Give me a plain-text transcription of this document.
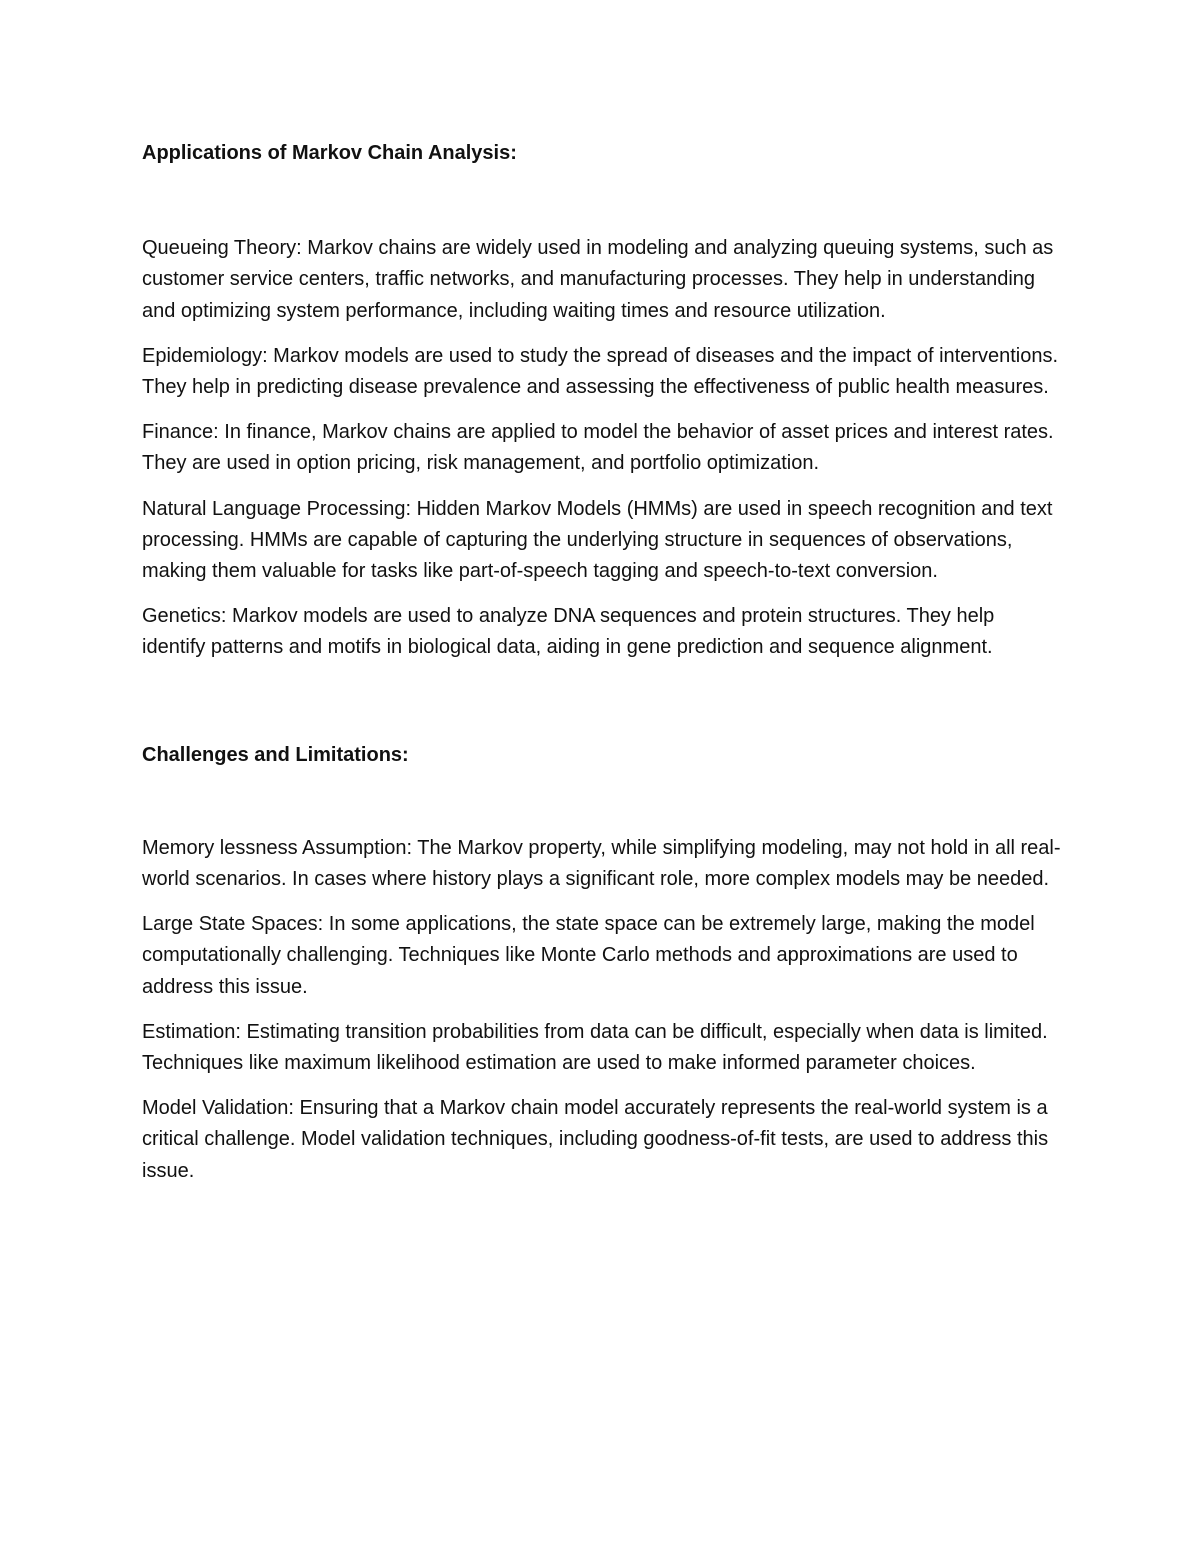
Applications of Markov Chain Analysis:

Queueing Theory: Markov chains are widely used in modeling and analyzing queuing systems, such as customer service centers, traffic networks, and manufacturing processes. They help in understanding and optimizing system performance, including waiting times and resource utilization.

Epidemiology: Markov models are used to study the spread of diseases and the impact of interventions. They help in predicting disease prevalence and assessing the effectiveness of public health measures.

Finance: In finance, Markov chains are applied to model the behavior of asset prices and interest rates. They are used in option pricing, risk management, and portfolio optimization.

Natural Language Processing: Hidden Markov Models (HMMs) are used in speech recognition and text processing. HMMs are capable of capturing the underlying structure in sequences of observations, making them valuable for tasks like part-of-speech tagging and speech-to-text conversion.

Genetics: Markov models are used to analyze DNA sequences and protein structures. They help identify patterns and motifs in biological data, aiding in gene prediction and sequence alignment.

Challenges and Limitations:

Memory lessness Assumption: The Markov property, while simplifying modeling, may not hold in all real-world scenarios. In cases where history plays a significant role, more complex models may be needed.

Large State Spaces: In some applications, the state space can be extremely large, making the model computationally challenging. Techniques like Monte Carlo methods and approximations are used to address this issue.

Estimation: Estimating transition probabilities from data can be difficult, especially when data is limited. Techniques like maximum likelihood estimation are used to make informed parameter choices.

Model Validation: Ensuring that a Markov chain model accurately represents the real-world system is a critical challenge. Model validation techniques, including goodness-of-fit tests, are used to address this issue.
